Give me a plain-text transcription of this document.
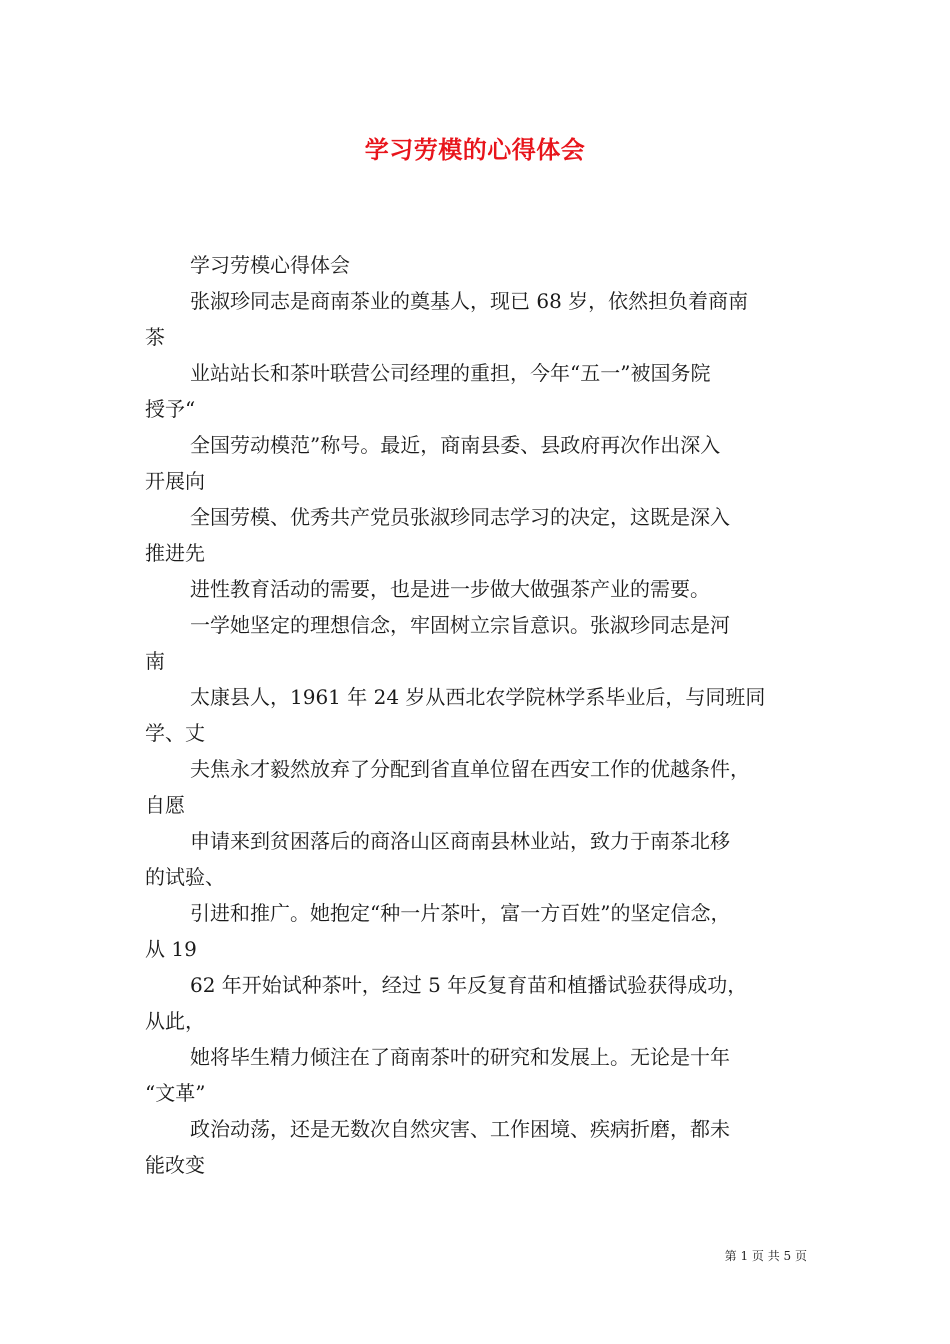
学习劳模的心得体会
学习劳模心得体会
张淑珍同志是商南茶业的奠基人，现已 68 岁，依然担负着商南
茶
业站站长和茶叶联营公司经理的重担，今年“五一”被国务院
授予“
全国劳动模范”称号。最近，商南县委、县政府再次作出深入
开展向
全国劳模、优秀共产党员张淑珍同志学习的决定，这既是深入
推进先
进性教育活动的需要，也是进一步做大做强茶产业的需要。
一学她坚定的理想信念，牢固树立宗旨意识。张淑珍同志是河
南
太康县人，1961 年 24 岁从西北农学院林学系毕业后，与同班同
学、丈
夫焦永才毅然放弃了分配到省直单位留在西安工作的优越条件，
自愿
申请来到贫困落后的商洛山区商南县林业站，致力于南茶北移
的试验、
引进和推广。她抱定“种一片茶叶，富一方百姓”的坚定信念，
从 19
62 年开始试种茶叶，经过 5 年反复育苗和植播试验获得成功，
从此，
她将毕生精力倾注在了商南茶叶的研究和发展上。无论是十年
“文革”
政治动荡，还是无数次自然灾害、工作困境、疾病折磨，都未
能改变
第 1 页 共 5 页
